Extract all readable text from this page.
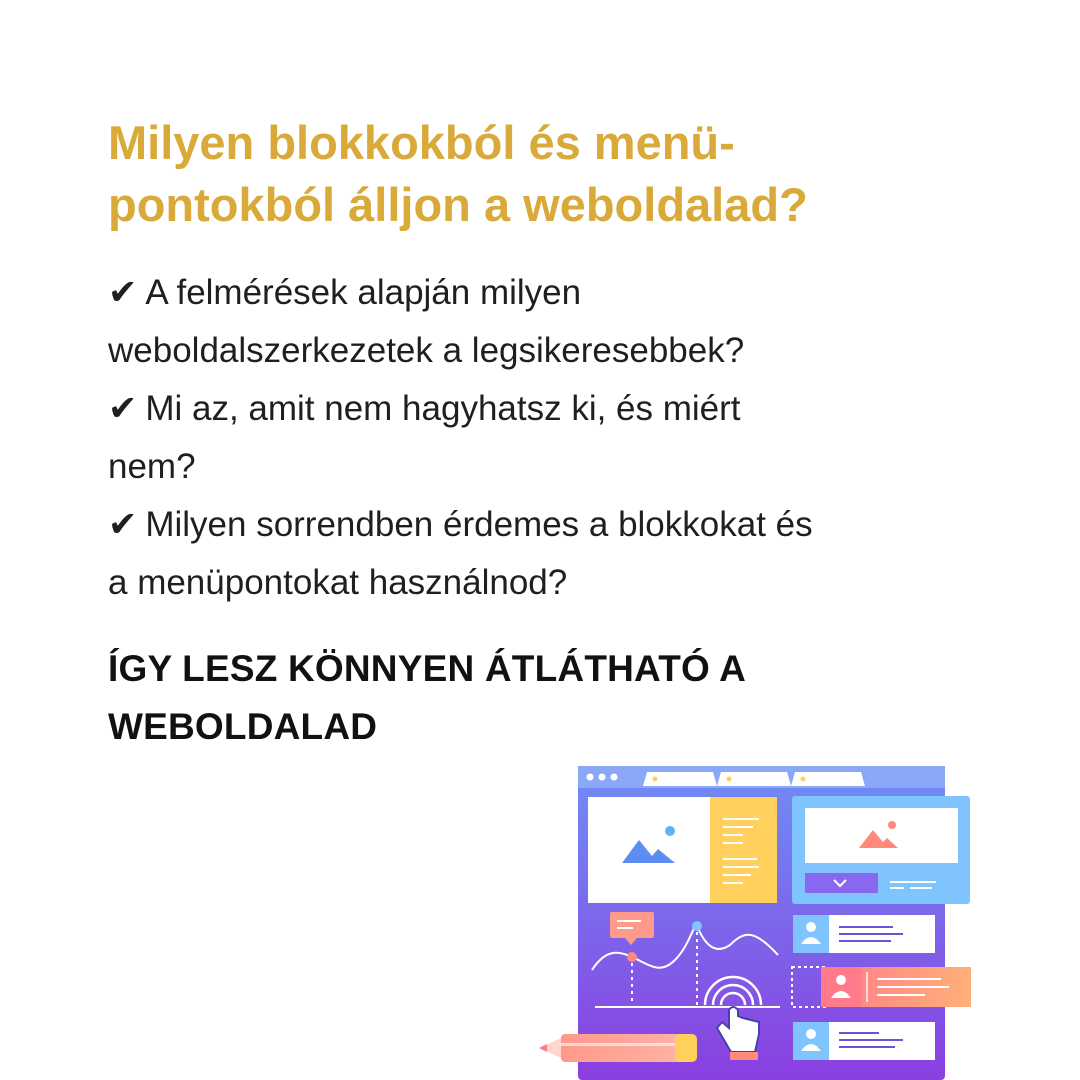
Milyen blokkokból és menü-
pontokból álljon a weboldalad?
✔ A felmérések alapján milyen
weboldalszerkezetek a legsikeresebbek?
✔ Mi az, amit nem hagyhatsz ki, és miért
nem?
✔ Milyen sorrendben érdemes a blokkokat és
a menüpontokat használnod?

ÍGY LESZ KÖNNYEN ÁTLÁTHATÓ A
WEBOLDALAD
